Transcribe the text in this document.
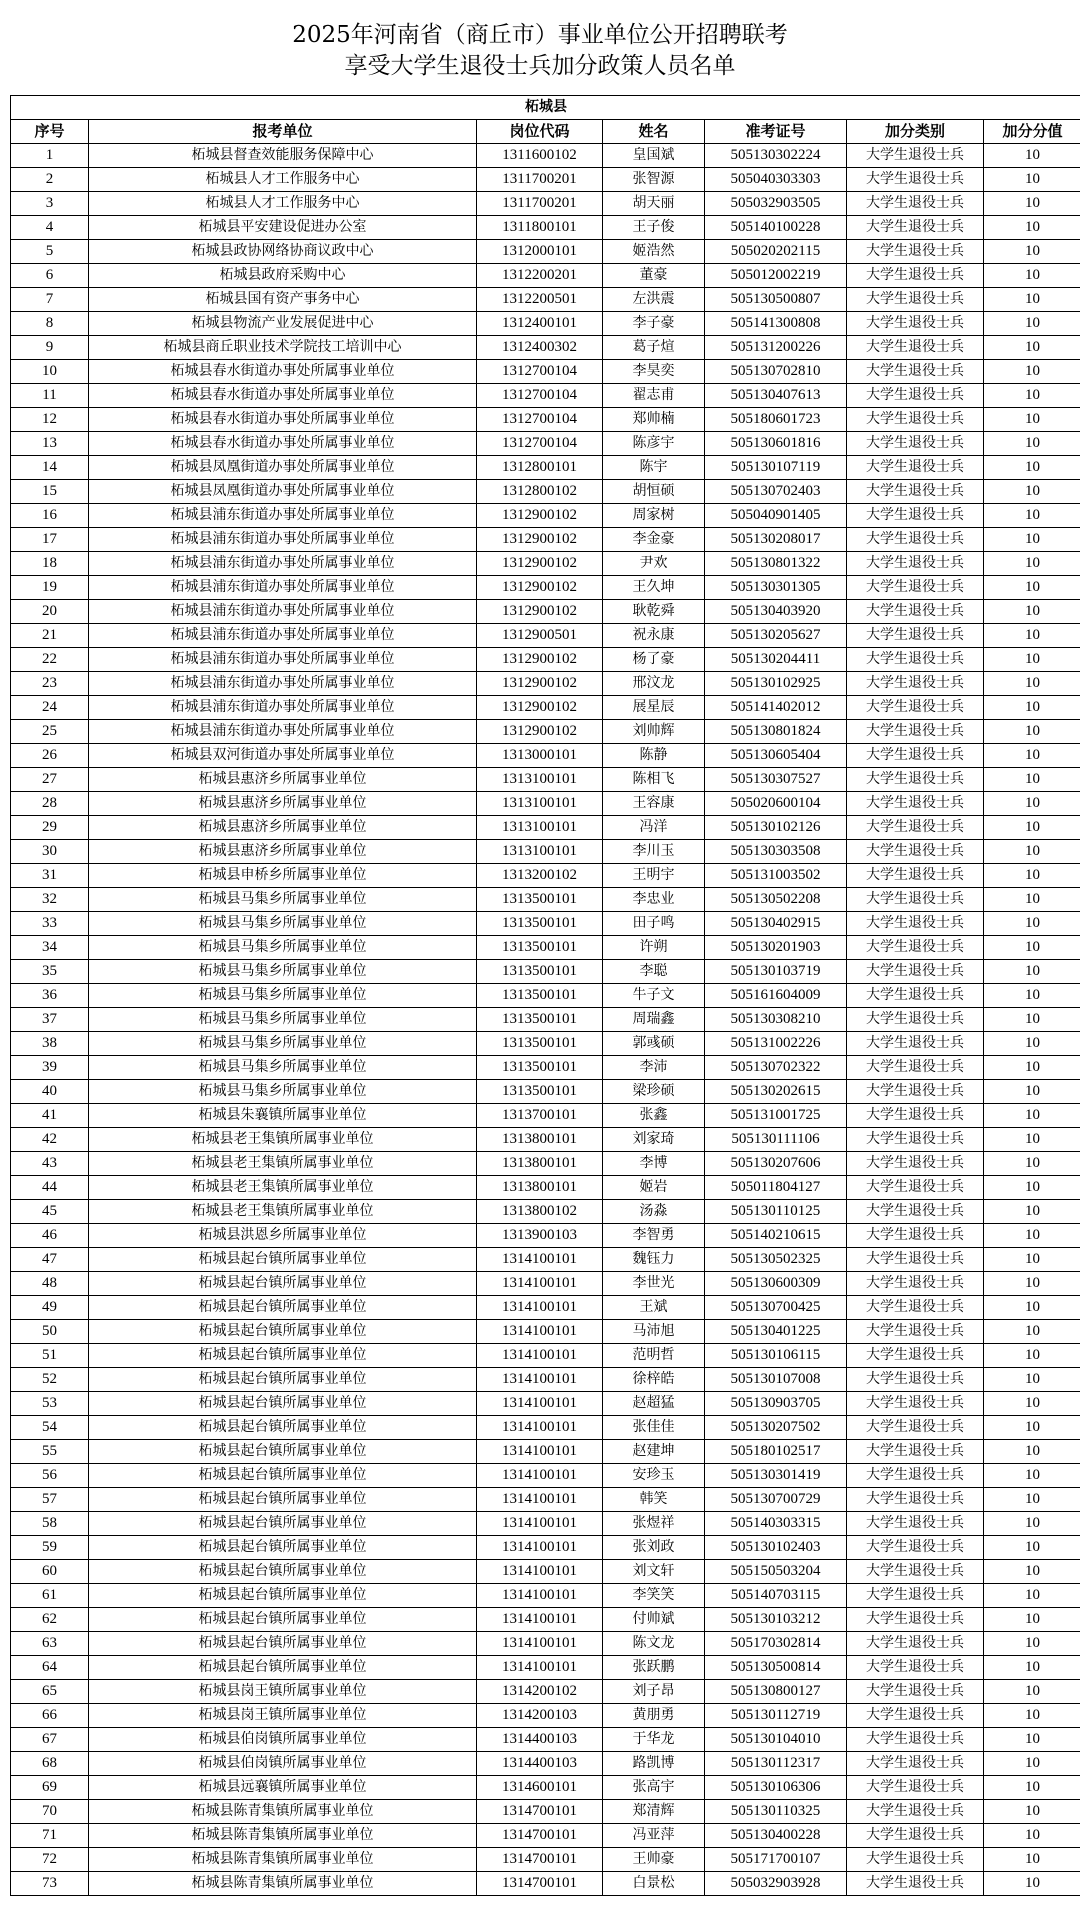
2025年河南省（商丘市）事业单位公开招聘联考
享受大学生退役士兵加分政策人员名单
柘城县						
序号	报考单位	岗位代码	姓名	准考证号	加分类别	加分分值
1	柘城县督查效能服务保障中心	1311600102	皇国斌	505130302224	大学生退役士兵	10
2	柘城县人才工作服务中心	1311700201	张智源	505040303303	大学生退役士兵	10
3	柘城县人才工作服务中心	1311700201	胡天丽	505032903505	大学生退役士兵	10
4	柘城县平安建设促进办公室	1311800101	王子俊	505140100228	大学生退役士兵	10
5	柘城县政协网络协商议政中心	1312000101	姬浩然	505020202115	大学生退役士兵	10
6	柘城县政府采购中心	1312200201	董豪	505012002219	大学生退役士兵	10
7	柘城县国有资产事务中心	1312200501	左洪震	505130500807	大学生退役士兵	10
8	柘城县物流产业发展促进中心	1312400101	李子豪	505141300808	大学生退役士兵	10
9	柘城县商丘职业技术学院技工培训中心	1312400302	葛子煊	505131200226	大学生退役士兵	10
10	柘城县春水街道办事处所属事业单位	1312700104	李昊奕	505130702810	大学生退役士兵	10
11	柘城县春水街道办事处所属事业单位	1312700104	翟志甫	505130407613	大学生退役士兵	10
12	柘城县春水街道办事处所属事业单位	1312700104	郑帅楠	505180601723	大学生退役士兵	10
13	柘城县春水街道办事处所属事业单位	1312700104	陈彦宇	505130601816	大学生退役士兵	10
14	柘城县凤凰街道办事处所属事业单位	1312800101	陈宇	505130107119	大学生退役士兵	10
15	柘城县凤凰街道办事处所属事业单位	1312800102	胡恒硕	505130702403	大学生退役士兵	10
16	柘城县浦东街道办事处所属事业单位	1312900102	周家树	505040901405	大学生退役士兵	10
17	柘城县浦东街道办事处所属事业单位	1312900102	李金豪	505130208017	大学生退役士兵	10
18	柘城县浦东街道办事处所属事业单位	1312900102	尹欢	505130801322	大学生退役士兵	10
19	柘城县浦东街道办事处所属事业单位	1312900102	王久坤	505130301305	大学生退役士兵	10
20	柘城县浦东街道办事处所属事业单位	1312900102	耿乾舜	505130403920	大学生退役士兵	10
21	柘城县浦东街道办事处所属事业单位	1312900501	祝永康	505130205627	大学生退役士兵	10
22	柘城县浦东街道办事处所属事业单位	1312900102	杨了豪	505130204411	大学生退役士兵	10
23	柘城县浦东街道办事处所属事业单位	1312900102	邢汶龙	505130102925	大学生退役士兵	10
24	柘城县浦东街道办事处所属事业单位	1312900102	展星辰	505141402012	大学生退役士兵	10
25	柘城县浦东街道办事处所属事业单位	1312900102	刘帅辉	505130801824	大学生退役士兵	10
26	柘城县双河街道办事处所属事业单位	1313000101	陈静	505130605404	大学生退役士兵	10
27	柘城县惠济乡所属事业单位	1313100101	陈相飞	505130307527	大学生退役士兵	10
28	柘城县惠济乡所属事业单位	1313100101	王容康	505020600104	大学生退役士兵	10
29	柘城县惠济乡所属事业单位	1313100101	冯洋	505130102126	大学生退役士兵	10
30	柘城县惠济乡所属事业单位	1313100101	李川玉	505130303508	大学生退役士兵	10
31	柘城县申桥乡所属事业单位	1313200102	王明宇	505131003502	大学生退役士兵	10
32	柘城县马集乡所属事业单位	1313500101	李忠业	505130502208	大学生退役士兵	10
33	柘城县马集乡所属事业单位	1313500101	田子鸣	505130402915	大学生退役士兵	10
34	柘城县马集乡所属事业单位	1313500101	许朔	505130201903	大学生退役士兵	10
35	柘城县马集乡所属事业单位	1313500101	李聪	505130103719	大学生退役士兵	10
36	柘城县马集乡所属事业单位	1313500101	牛子文	505161604009	大学生退役士兵	10
37	柘城县马集乡所属事业单位	1313500101	周瑞鑫	505130308210	大学生退役士兵	10
38	柘城县马集乡所属事业单位	1313500101	郭彧硕	505131002226	大学生退役士兵	10
39	柘城县马集乡所属事业单位	1313500101	李沛	505130702322	大学生退役士兵	10
40	柘城县马集乡所属事业单位	1313500101	梁珍硕	505130202615	大学生退役士兵	10
41	柘城县朱襄镇所属事业单位	1313700101	张鑫	505131001725	大学生退役士兵	10
42	柘城县老王集镇所属事业单位	1313800101	刘家琦	505130111106	大学生退役士兵	10
43	柘城县老王集镇所属事业单位	1313800101	李博	505130207606	大学生退役士兵	10
44	柘城县老王集镇所属事业单位	1313800101	姬岩	505011804127	大学生退役士兵	10
45	柘城县老王集镇所属事业单位	1313800102	汤淼	505130110125	大学生退役士兵	10
46	柘城县洪恩乡所属事业单位	1313900103	李智勇	505140210615	大学生退役士兵	10
47	柘城县起台镇所属事业单位	1314100101	魏钰力	505130502325	大学生退役士兵	10
48	柘城县起台镇所属事业单位	1314100101	李世光	505130600309	大学生退役士兵	10
49	柘城县起台镇所属事业单位	1314100101	王斌	505130700425	大学生退役士兵	10
50	柘城县起台镇所属事业单位	1314100101	马沛旭	505130401225	大学生退役士兵	10
51	柘城县起台镇所属事业单位	1314100101	范明哲	505130106115	大学生退役士兵	10
52	柘城县起台镇所属事业单位	1314100101	徐梓皓	505130107008	大学生退役士兵	10
53	柘城县起台镇所属事业单位	1314100101	赵超猛	505130903705	大学生退役士兵	10
54	柘城县起台镇所属事业单位	1314100101	张佳佳	505130207502	大学生退役士兵	10
55	柘城县起台镇所属事业单位	1314100101	赵建坤	505180102517	大学生退役士兵	10
56	柘城县起台镇所属事业单位	1314100101	安珍玉	505130301419	大学生退役士兵	10
57	柘城县起台镇所属事业单位	1314100101	韩笑	505130700729	大学生退役士兵	10
58	柘城县起台镇所属事业单位	1314100101	张煜祥	505140303315	大学生退役士兵	10
59	柘城县起台镇所属事业单位	1314100101	张刘政	505130102403	大学生退役士兵	10
60	柘城县起台镇所属事业单位	1314100101	刘文轩	505150503204	大学生退役士兵	10
61	柘城县起台镇所属事业单位	1314100101	李笑笑	505140703115	大学生退役士兵	10
62	柘城县起台镇所属事业单位	1314100101	付帅斌	505130103212	大学生退役士兵	10
63	柘城县起台镇所属事业单位	1314100101	陈文龙	505170302814	大学生退役士兵	10
64	柘城县起台镇所属事业单位	1314100101	张跃鹏	505130500814	大学生退役士兵	10
65	柘城县岗王镇所属事业单位	1314200102	刘子昂	505130800127	大学生退役士兵	10
66	柘城县岗王镇所属事业单位	1314200103	黄朋勇	505130112719	大学生退役士兵	10
67	柘城县伯岗镇所属事业单位	1314400103	于华龙	505130104010	大学生退役士兵	10
68	柘城县伯岗镇所属事业单位	1314400103	路凯博	505130112317	大学生退役士兵	10
69	柘城县远襄镇所属事业单位	1314600101	张高宇	505130106306	大学生退役士兵	10
70	柘城县陈青集镇所属事业单位	1314700101	郑清辉	505130110325	大学生退役士兵	10
71	柘城县陈青集镇所属事业单位	1314700101	冯亚萍	505130400228	大学生退役士兵	10
72	柘城县陈青集镇所属事业单位	1314700101	王帅豪	505171700107	大学生退役士兵	10
73	柘城县陈青集镇所属事业单位	1314700101	白景松	505032903928	大学生退役士兵	10
